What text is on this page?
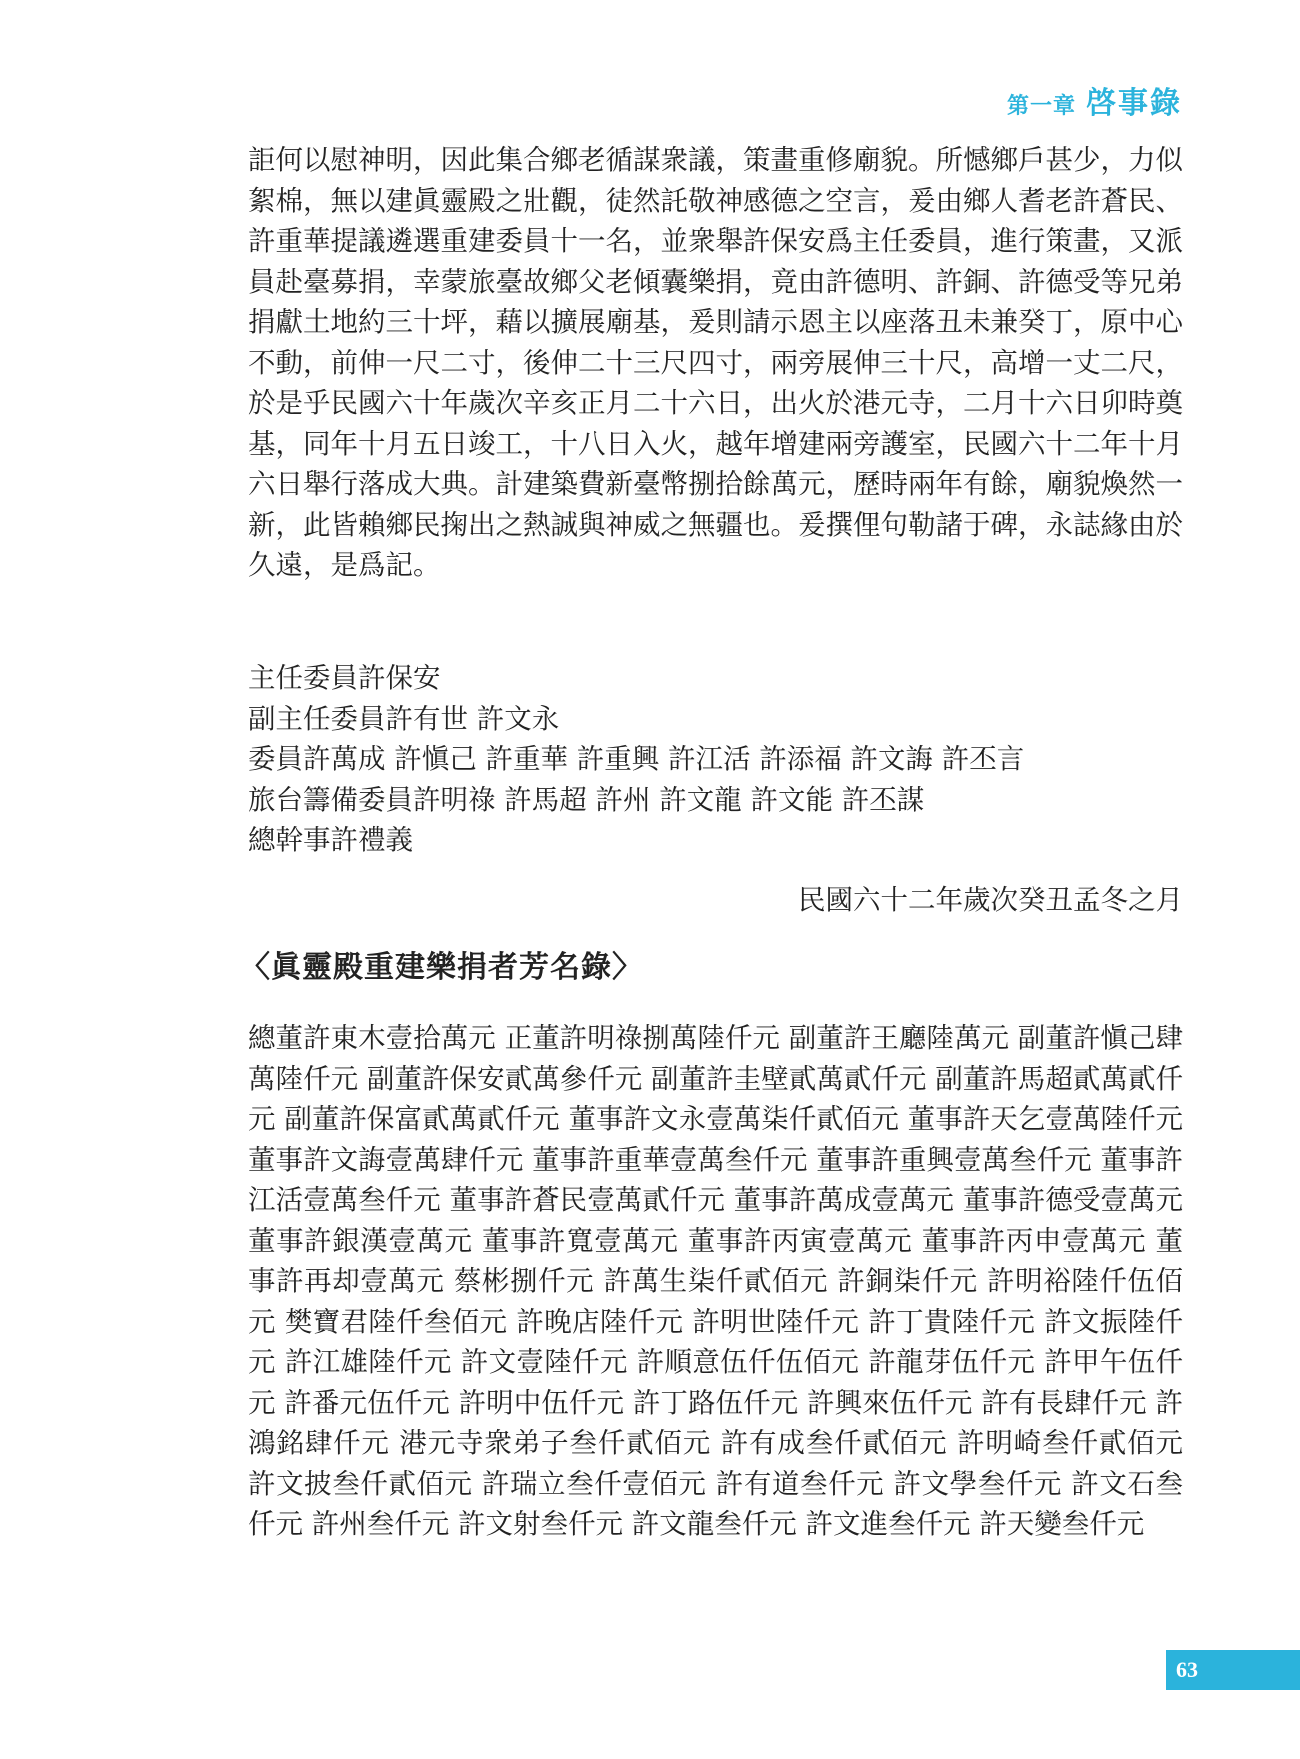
第一章 啓事錄

詎何以慰神明，因此集合鄉老循謀衆議，策畫重修廟貌。所憾鄉戶甚少，力似絮棉，無以建眞靈殿之壯觀，徒然託敬神感德之空言，爰由鄉人耆老許蒼民、許重華提議遴選重建委員十一名，並衆舉許保安爲主任委員，進行策畫，又派員赴臺募捐，幸蒙旅臺故鄉父老傾囊樂捐，竟由許德明、許銅、許德受等兄弟捐獻土地約三十坪，藉以擴展廟基，爰則請示恩主以座落丑未兼癸丁，原中心不動，前伸一尺二寸，後伸二十三尺四寸，兩旁展伸三十尺，高增一丈二尺，於是乎民國六十年歲次辛亥正月二十六日，出火於港元寺，二月十六日卯時奠基，同年十月五日竣工，十八日入火，越年增建兩旁護室，民國六十二年十月六日舉行落成大典。計建築費新臺幣捌拾餘萬元，歷時兩年有餘，廟貌煥然一新，此皆賴鄉民掬出之熱誠與神威之無疆也。爰撰俚句勒諸于碑，永誌緣由於久遠，是爲記。

主任委員許保安
副主任委員許有世 許文永
委員許萬成 許愼己 許重華 許重興 許江活 許添福 許文誨 許丕言
旅台籌備委員許明祿 許馬超 許州 許文龍 許文能 許丕謀
總幹事許禮義
民國六十二年歲次癸丑孟冬之月
〈眞靈殿重建樂捐者芳名錄〉

總董許東木壹拾萬元 正董許明祿捌萬陸仟元 副董許王廳陸萬元 副董許愼己肆萬陸仟元 副董許保安貳萬參仟元 副董許圭壁貳萬貳仟元 副董許馬超貳萬貳仟元 副董許保富貳萬貳仟元 董事許文永壹萬柒仟貳佰元 董事許天乞壹萬陸仟元 董事許文誨壹萬肆仟元 董事許重華壹萬叁仟元 董事許重興壹萬叁仟元 董事許江活壹萬叁仟元 董事許蒼民壹萬貳仟元 董事許萬成壹萬元 董事許德受壹萬元 董事許銀漢壹萬元 董事許寬壹萬元 董事許丙寅壹萬元 董事許丙申壹萬元 董事許再却壹萬元 蔡彬捌仟元 許萬生柒仟貳佰元 許銅柒仟元 許明裕陸仟伍佰元 樊寶君陸仟叁佰元 許晚店陸仟元 許明世陸仟元 許丁貴陸仟元 許文振陸仟元 許江雄陸仟元 許文壹陸仟元 許順意伍仟伍佰元 許龍芽伍仟元 許甲午伍仟元 許番元伍仟元 許明中伍仟元 許丁路伍仟元 許興來伍仟元 許有長肆仟元 許鴻銘肆仟元 港元寺衆弟子叁仟貳佰元 許有成叁仟貳佰元 許明崎叁仟貳佰元 許文披叁仟貳佰元 許瑞立叁仟壹佰元 許有道叁仟元 許文學叁仟元 許文石叁仟元 許州叁仟元 許文射叁仟元 許文龍叁仟元 許文進叁仟元 許天變叁仟元

63
